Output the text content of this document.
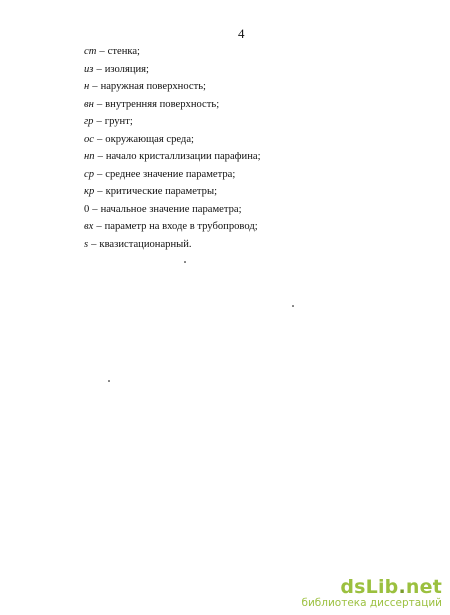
4
ст – стенка;
из – изоляция;
н – наружная поверхность;
вн – внутренняя поверхность;
гр – грунт;
ос – окружающая среда;
нп – начало кристаллизации парафина;
ср – среднее значение параметра;
кр – критические параметры;
0 – начальное значение параметра;
вх – параметр на входе в трубопровод;
s – квазистационарный.
dsLib.net
библиотека диссертаций
